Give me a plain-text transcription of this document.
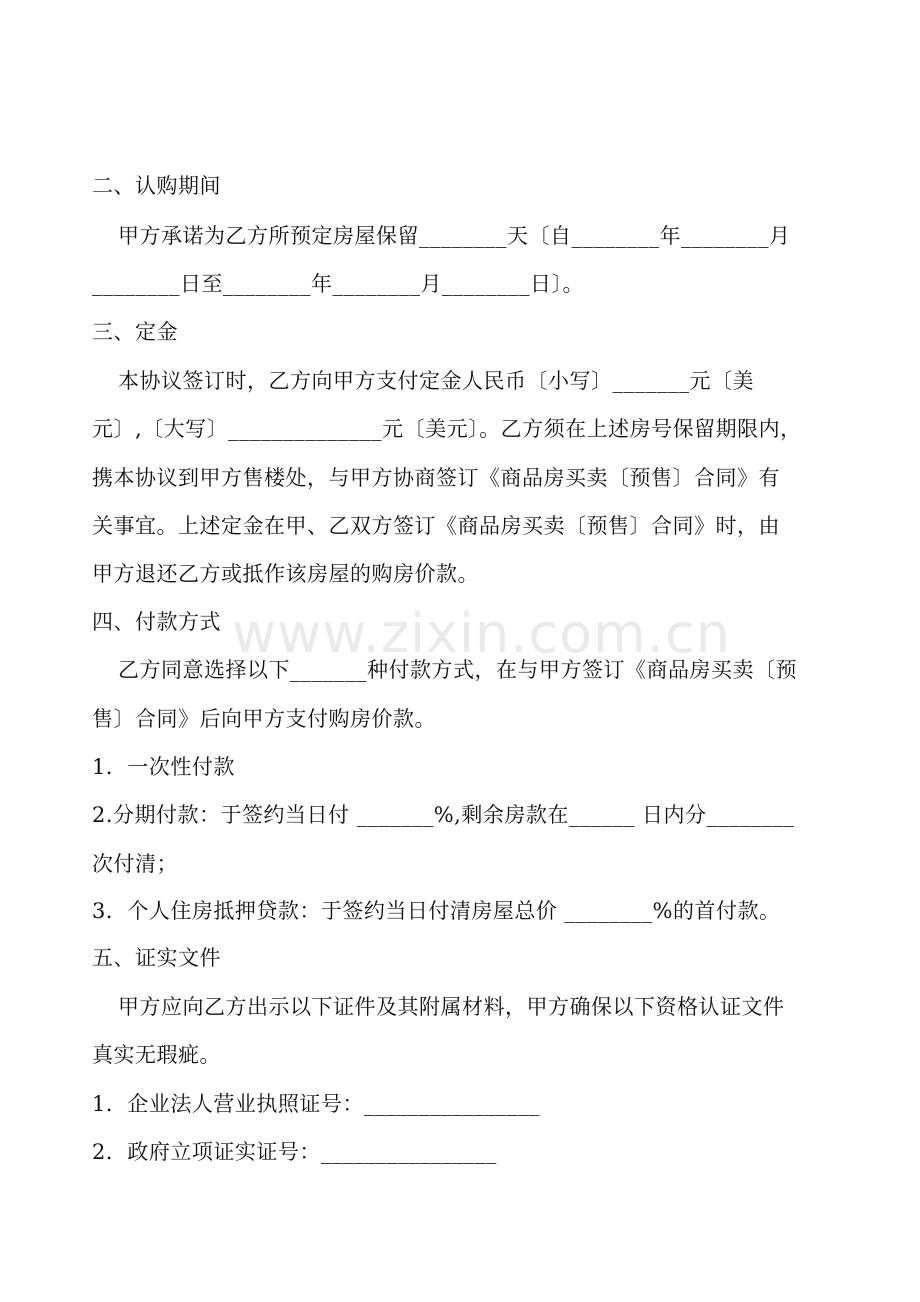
二、认购期间
甲方承诺为乙方所预定房屋保留________天〔自________年________月
________日至________年________月________日〕。
三、定金
本协议签订时，乙方向甲方支付定金人民币〔小写〕_______元〔美
元〕,〔大写〕______________元〔美元〕。乙方须在上述房号保留期限内，
携本协议到甲方售楼处，与甲方协商签订《商品房买卖〔预售〕合同》有
关事宜。上述定金在甲、乙双方签订《商品房买卖〔预售〕合同》时，由
甲方退还乙方或抵作该房屋的购房价款。
四、付款方式
乙方同意选择以下_______种付款方式，在与甲方签订《商品房买卖〔预
售〕合同》后向甲方支付购房价款。
1．一次性付款
2.分期付款：于签约当日付 _______%,剩余房款在______ 日内分________
次付清；
3．个人住房抵押贷款：于签约当日付清房屋总价 ________%的首付款。
五、证实文件
甲方应向乙方出示以下证件及其附属材料，甲方确保以下资格认证文件
真实无瑕疵。
1．企业法人营业执照证号：________________
2．政府立项证实证号：________________
www.zixin.com.cn
